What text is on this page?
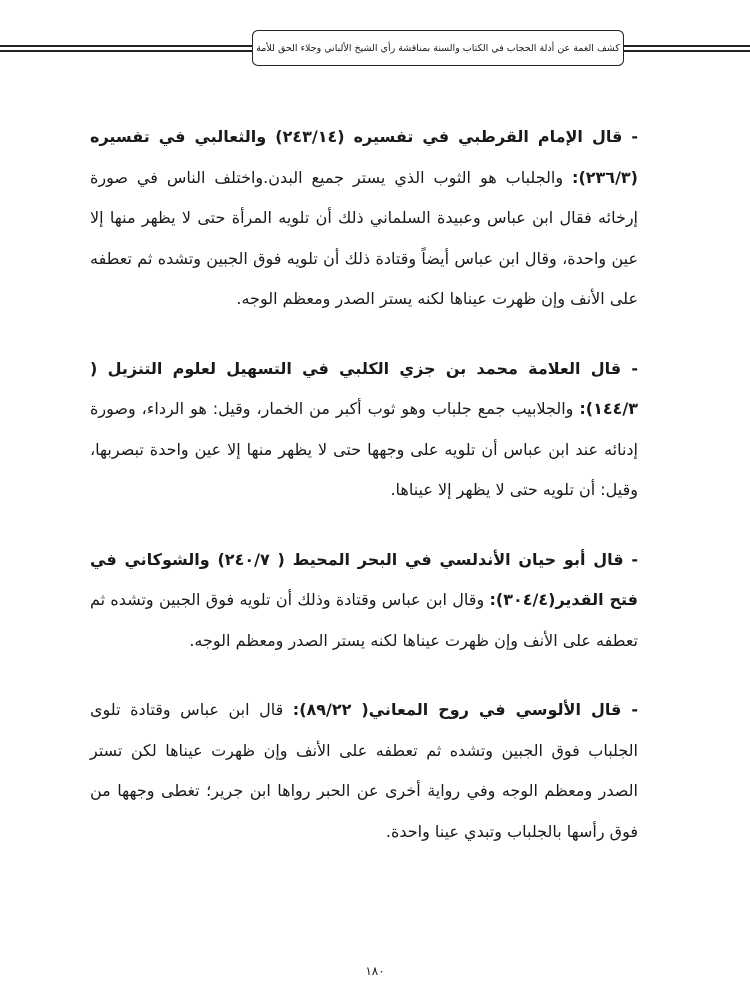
كشف الغمة عن أدلة الحجاب في الكتاب والسنة بمناقشة رأي الشيخ الألباني وجلاء الحق للأمة

- قال الإمام القرطبي في تفسيره (٢٤٣/١٤) والثعالبي في تفسيره (٢٣٦/٣): والجلباب هو الثوب الذي يستر جميع البدن.واختلف الناس في صورة إرخائه فقال ابن عباس وعبيدة السلماني ذلك أن تلويه المرأة حتى لا يظهر منها إلا عين واحدة، وقال ابن عباس أيضاً وقتادة ذلك أن تلويه فوق الجبين وتشده ثم تعطفه على الأنف وإن ظهرت عيناها لكنه يستر الصدر ومعظم الوجه.

- قال العلامة محمد بن جزي الكلبي في التسهيل لعلوم التنزيل ( ١٤٤/٣): والجلابيب جمع جلباب وهو ثوب أكبر من الخمار، وقيل: هو الرداء، وصورة إدنائه عند ابن عباس أن تلويه على وجهها حتى لا يظهر منها إلا عين واحدة تبصربها، وقيل: أن تلويه حتى لا يظهر إلا عيناها.

- قال أبو حيان الأندلسي في البحر المحيط ( ٢٤٠/٧) والشوكاني في فتح القدير(٣٠٤/٤): وقال ابن عباس وقتادة وذلك أن تلويه فوق الجبين وتشده ثم تعطفه على الأنف وإن ظهرت عيناها لكنه يستر الصدر ومعظم الوجه.

- قال الألوسي في روح المعاني( ٨٩/٢٢): قال ابن عباس وقتادة تلوى الجلباب فوق الجبين وتشده ثم تعطفه على الأنف وإن ظهرت عيناها لكن تستر الصدر ومعظم الوجه وفي رواية أخرى عن الحبر رواها ابن جرير؛ تغطى وجهها من فوق رأسها بالجلباب وتبدي عينا واحدة.

١٨٠
